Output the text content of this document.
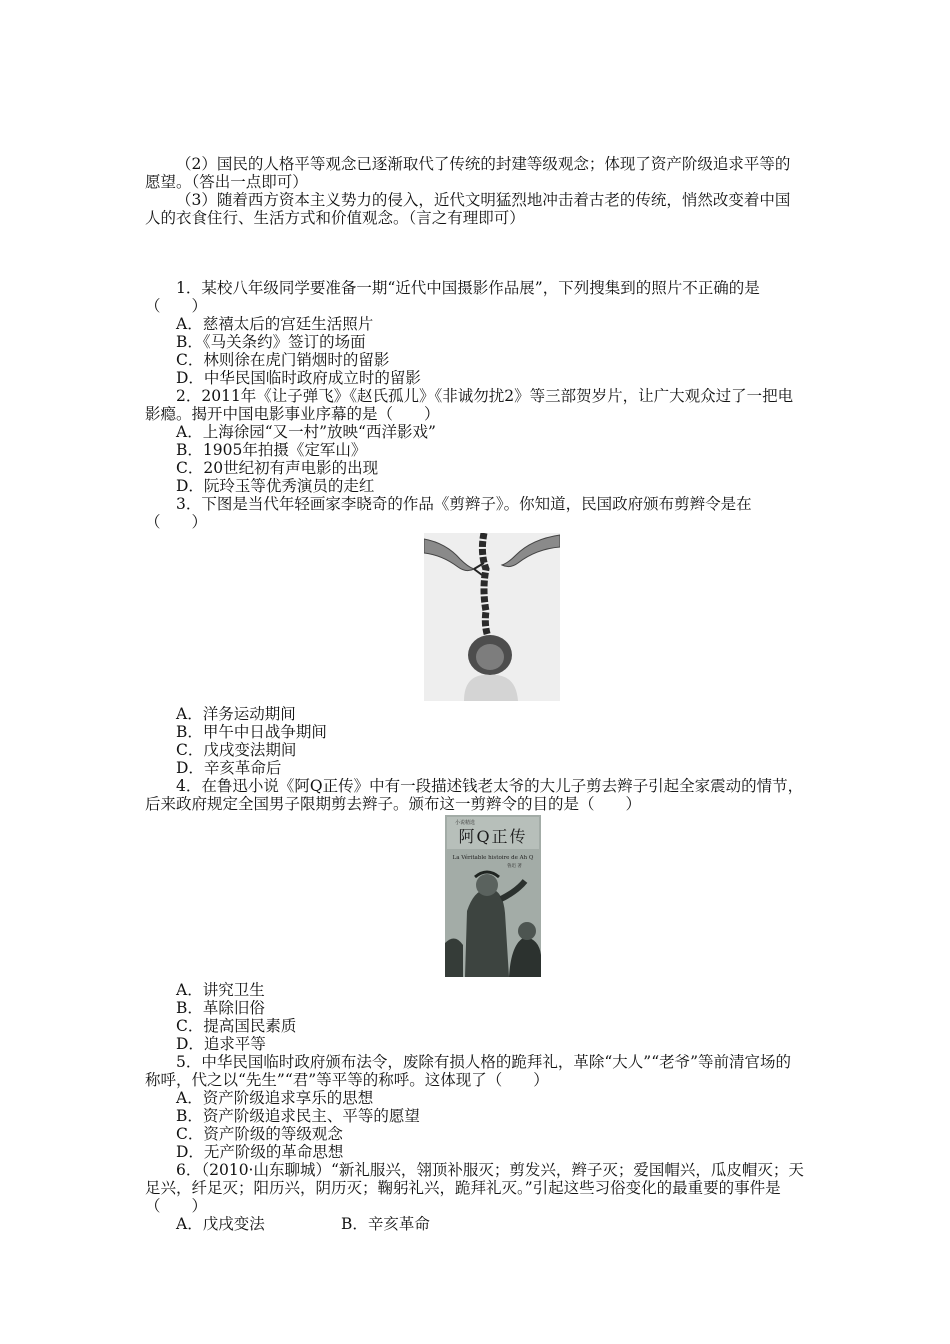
（2）国民的人格平等观念已逐渐取代了传统的封建等级观念；体现了资产阶级追求平等的愿望。（答出一点即可）

（3）随着西方资本主义势力的侵入，近代文明猛烈地冲击着古老的传统，悄然改变着中国人的衣食住行、生活方式和价值观念。（言之有理即可）

1．某校八年级同学要准备一期“近代中国摄影作品展”，下列搜集到的照片不正确的是（　　）

A．慈禧太后的宫廷生活照片

B．《马关条约》签订的场面

C．林则徐在虎门销烟时的留影

D．中华民国临时政府成立时的留影

2．2011年《让子弹飞》《赵氏孤儿》《非诚勿扰2》等三部贺岁片，让广大观众过了一把电影瘾。揭开中国电影事业序幕的是（　　）

A．上海徐园“又一村”放映“西洋影戏”

B．1905年拍摄《定军山》

C．20世纪初有声电影的出现

D．阮玲玉等优秀演员的走红

3．下图是当代年轻画家李晓奇的作品《剪辫子》。你知道，民国政府颁布剪辫令是在（　　）

A．洋务运动期间

B．甲午中日战争期间

C．戊戌变法期间

D．辛亥革命后

4．在鲁迅小说《阿Q正传》中有一段描述钱老太爷的大儿子剪去辫子引起全家震动的情节，后来政府规定全国男子限期剪去辫子。颁布这一剪辫令的目的是（　　）

小说精选
阿Q正传
La Véritable histoire de Ah Q
鲁迅 著

A．讲究卫生

B．革除旧俗

C．提高国民素质

D．追求平等

5．中华民国临时政府颁布法令，废除有损人格的跪拜礼，革除“大人”“老爷”等前清官场的称呼，代之以“先生”“君”等平等的称呼。这体现了（　　）

A．资产阶级追求享乐的思想

B．资产阶级追求民主、平等的愿望

C．资产阶级的等级观念

D．无产阶级的革命思想

6．（2010·山东聊城）“新礼服兴，翎顶补服灭；剪发兴，辫子灭；爱国帽兴，瓜皮帽灭；天足兴，纤足灭；阳历兴，阴历灭；鞠躬礼兴，跪拜礼灭。”引起这些习俗变化的最重要的事件是（　　）

A．戊戌变法	B．辛亥革命
